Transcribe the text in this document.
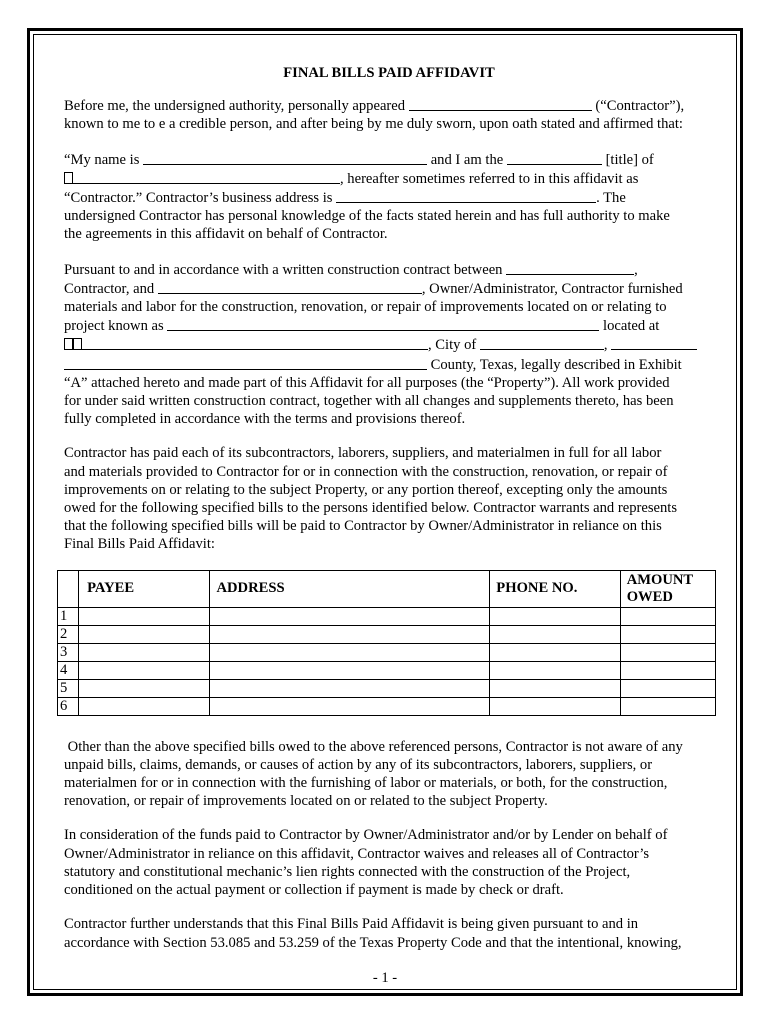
FINAL BILLS PAID AFFIDAVIT

Before me, the undersigned authority, personally appeared	(“Contractor”),
known to me to e a credible person, and after being by me duly sworn, upon oath stated and affirmed that:

“My name is	and I am the	[title] of
, hereafter sometimes referred to in this affidavit as
“Contractor.” Contractor’s business address is	. The
undersigned Contractor has personal knowledge of the facts stated herein and has full authority to make
the agreements in this affidavit on behalf of Contractor.

Pursuant to and in accordance with a written construction contract between	,
Contractor, and	, Owner/Administrator, Contractor furnished
materials and labor for the construction, renovation, or repair of improvements located on or relating to
project known as	located at
, City of	,
County, Texas, legally described in Exhibit
“A” attached hereto and made part of this Affidavit for all purposes (the “Property”). All work provided
for under said written construction contract, together with all changes and supplements thereto, has been
fully completed in accordance with the terms and provisions thereof.

Contractor has paid each of its subcontractors, laborers, suppliers, and materialmen in full for all labor
and materials provided to Contractor for or in connection with the construction, renovation, or repair of
improvements on or relating to the subject Property, or any portion thereof, excepting only the amounts
owed for the following specified bills to the persons identified below. Contractor warrants and represents
that the following specified bills will be paid to Contractor by Owner/Administrator in reliance on this
Final Bills Paid Affidavit:

	PAYEE	ADDRESS	PHONE NO.	AMOUNT
OWED

1				
2				
3				
4				
5				
6				

Other than the above specified bills owed to the above referenced persons, Contractor is not aware of any
unpaid bills, claims, demands, or causes of action by any of its subcontractors, laborers, suppliers, or
materialmen for or in connection with the furnishing of labor or materials, or both, for the construction,
renovation, or repair of improvements located on or related to the subject Property.

In consideration of the funds paid to Contractor by Owner/Administrator and/or by Lender on behalf of
Owner/Administrator in reliance on this affidavit, Contractor waives and releases all of Contractor’s
statutory and constitutional mechanic’s lien rights connected with the construction of the Project,
conditioned on the actual payment or collection if payment is made by check or draft.

Contractor further understands that this Final Bills Paid Affidavit is being given pursuant to and in
accordance with Section 53.085 and 53.259 of the Texas Property Code and that the intentional, knowing,

- 1 -
